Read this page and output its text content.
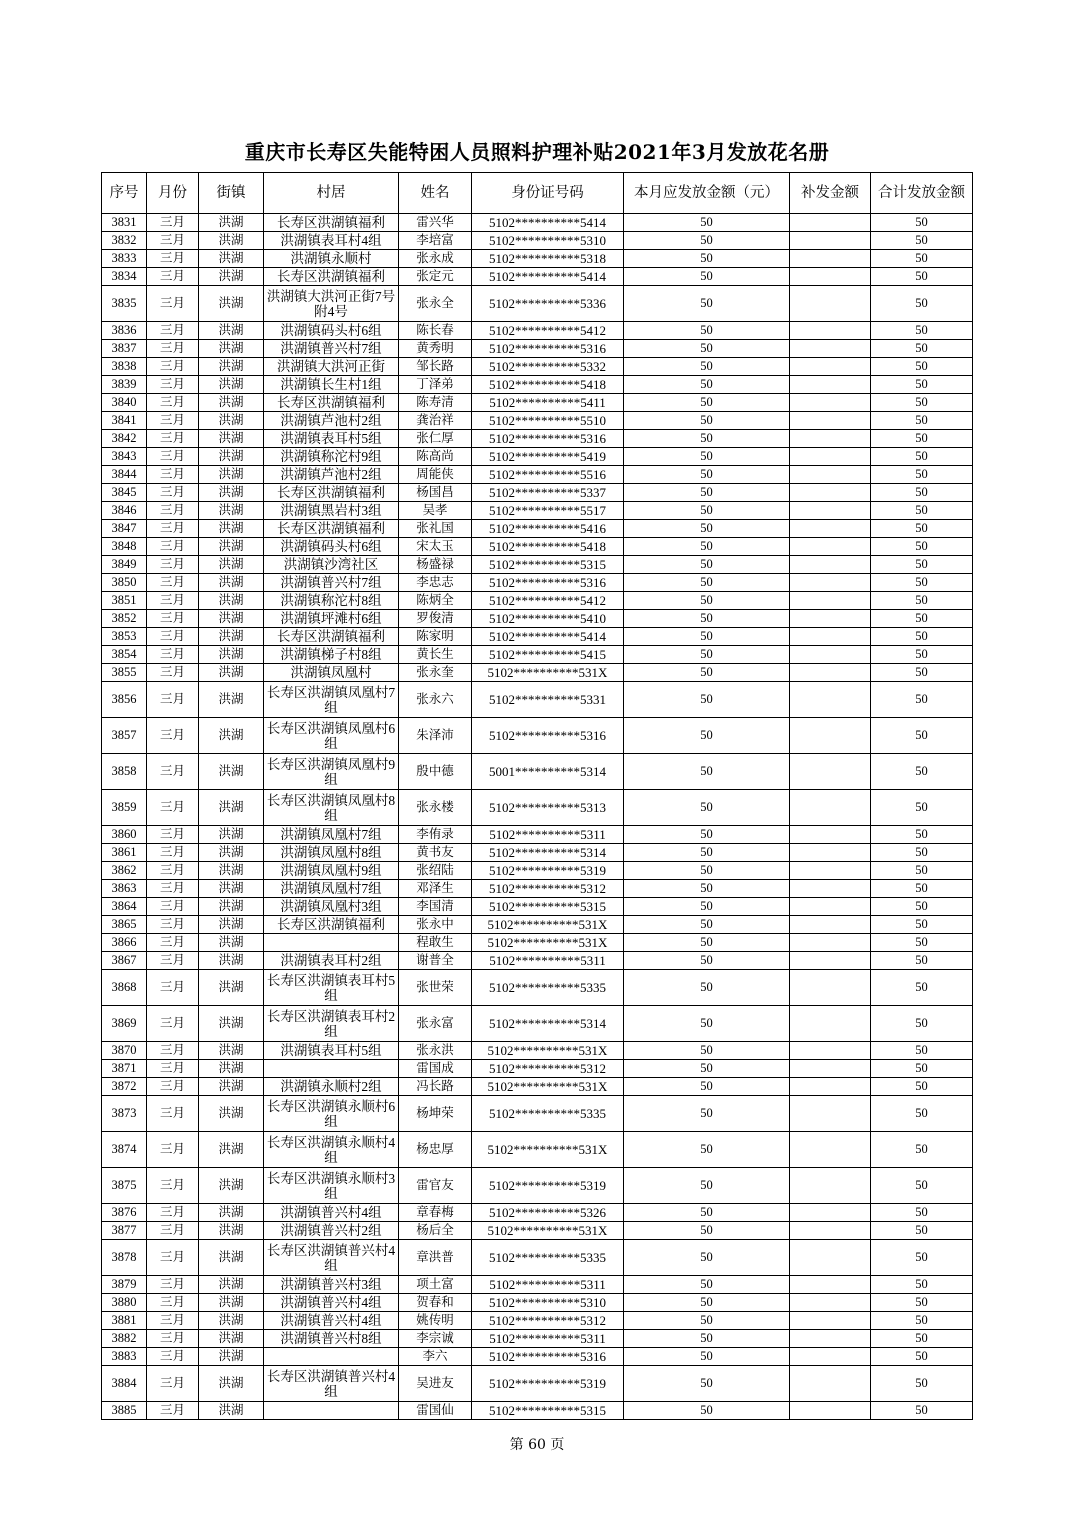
重庆市长寿区失能特困人员照料护理补贴2021年3月发放花名册
序号	月份	街镇	村居	姓名	身份证号码	本月应发放金额（元）	补发金额	合计发放金额
3831	三月	洪湖	长寿区洪湖镇福利	雷兴华	5102**********5414	50		50
3832	三月	洪湖	洪湖镇表耳村4组	李培富	5102**********5310	50		50
3833	三月	洪湖	洪湖镇永顺村	张永成	5102**********5318	50		50
3834	三月	洪湖	长寿区洪湖镇福利	张定元	5102**********5414	50		50
3835	三月	洪湖	洪湖镇大洪河正街7号附4号	张永全	5102**********5336	50		50
3836	三月	洪湖	洪湖镇码头村6组	陈长春	5102**********5412	50		50
3837	三月	洪湖	洪湖镇普兴村7组	黄秀明	5102**********5316	50		50
3838	三月	洪湖	洪湖镇大洪河正街	邹长路	5102**********5332	50		50
3839	三月	洪湖	洪湖镇长生村1组	丁泽弟	5102**********5418	50		50
3840	三月	洪湖	长寿区洪湖镇福利	陈寿清	5102**********5411	50		50
3841	三月	洪湖	洪湖镇芦池村2组	龚治祥	5102**********5510	50		50
3842	三月	洪湖	洪湖镇表耳村5组	张仁厚	5102**********5316	50		50
3843	三月	洪湖	洪湖镇称沱村9组	陈高尚	5102**********5419	50		50
3844	三月	洪湖	洪湖镇芦池村2组	周能侠	5102**********5516	50		50
3845	三月	洪湖	长寿区洪湖镇福利	杨国昌	5102**********5337	50		50
3846	三月	洪湖	洪湖镇黑岩村3组	吴孝	5102**********5517	50		50
3847	三月	洪湖	长寿区洪湖镇福利	张礼国	5102**********5416	50		50
3848	三月	洪湖	洪湖镇码头村6组	宋太玉	5102**********5418	50		50
3849	三月	洪湖	洪湖镇沙湾社区	杨盛禄	5102**********5315	50		50
3850	三月	洪湖	洪湖镇普兴村7组	李忠志	5102**********5316	50		50
3851	三月	洪湖	洪湖镇称沱村8组	陈炳全	5102**********5412	50		50
3852	三月	洪湖	洪湖镇坪滩村6组	罗俊清	5102**********5410	50		50
3853	三月	洪湖	长寿区洪湖镇福利	陈家明	5102**********5414	50		50
3854	三月	洪湖	洪湖镇梯子村8组	黄长生	5102**********5415	50		50
3855	三月	洪湖	洪湖镇凤凰村	张永奎	5102**********531X	50		50
3856	三月	洪湖	长寿区洪湖镇凤凰村7组	张永六	5102**********5331	50		50
3857	三月	洪湖	长寿区洪湖镇凤凰村6组	朱泽沛	5102**********5316	50		50
3858	三月	洪湖	长寿区洪湖镇凤凰村9组	殷中德	5001**********5314	50		50
3859	三月	洪湖	长寿区洪湖镇凤凰村8组	张永楼	5102**********5313	50		50
3860	三月	洪湖	洪湖镇凤凰村7组	李侑录	5102**********5311	50		50
3861	三月	洪湖	洪湖镇凤凰村8组	黄书友	5102**********5314	50		50
3862	三月	洪湖	洪湖镇凤凰村9组	张绍陆	5102**********5319	50		50
3863	三月	洪湖	洪湖镇凤凰村7组	邓泽生	5102**********5312	50		50
3864	三月	洪湖	洪湖镇凤凰村3组	李国清	5102**********5315	50		50
3865	三月	洪湖	长寿区洪湖镇福利	张永中	5102**********531X	50		50
3866	三月	洪湖		程敢生	5102**********531X	50		50
3867	三月	洪湖	洪湖镇表耳村2组	谢普全	5102**********5311	50		50
3868	三月	洪湖	长寿区洪湖镇表耳村5组	张世荣	5102**********5335	50		50
3869	三月	洪湖	长寿区洪湖镇表耳村2组	张永富	5102**********5314	50		50
3870	三月	洪湖	洪湖镇表耳村5组	张永洪	5102**********531X	50		50
3871	三月	洪湖		雷国成	5102**********5312	50		50
3872	三月	洪湖	洪湖镇永顺村2组	冯长路	5102**********531X	50		50
3873	三月	洪湖	长寿区洪湖镇永顺村6组	杨坤荣	5102**********5335	50		50
3874	三月	洪湖	长寿区洪湖镇永顺村4组	杨忠厚	5102**********531X	50		50
3875	三月	洪湖	长寿区洪湖镇永顺村3组	雷官友	5102**********5319	50		50
3876	三月	洪湖	洪湖镇普兴村4组	章春梅	5102**********5326	50		50
3877	三月	洪湖	洪湖镇普兴村2组	杨后全	5102**********531X	50		50
3878	三月	洪湖	长寿区洪湖镇普兴村4组	章洪普	5102**********5335	50		50
3879	三月	洪湖	洪湖镇普兴村3组	项土富	5102**********5311	50		50
3880	三月	洪湖	洪湖镇普兴村4组	贺春和	5102**********5310	50		50
3881	三月	洪湖	洪湖镇普兴村4组	姚传明	5102**********5312	50		50
3882	三月	洪湖	洪湖镇普兴村8组	李宗诚	5102**********5311	50		50
3883	三月	洪湖		李六	5102**********5316	50		50
3884	三月	洪湖	长寿区洪湖镇普兴村4组	吴进友	5102**********5319	50		50
3885	三月	洪湖		雷国仙	5102**********5315	50		50
第 60 页
